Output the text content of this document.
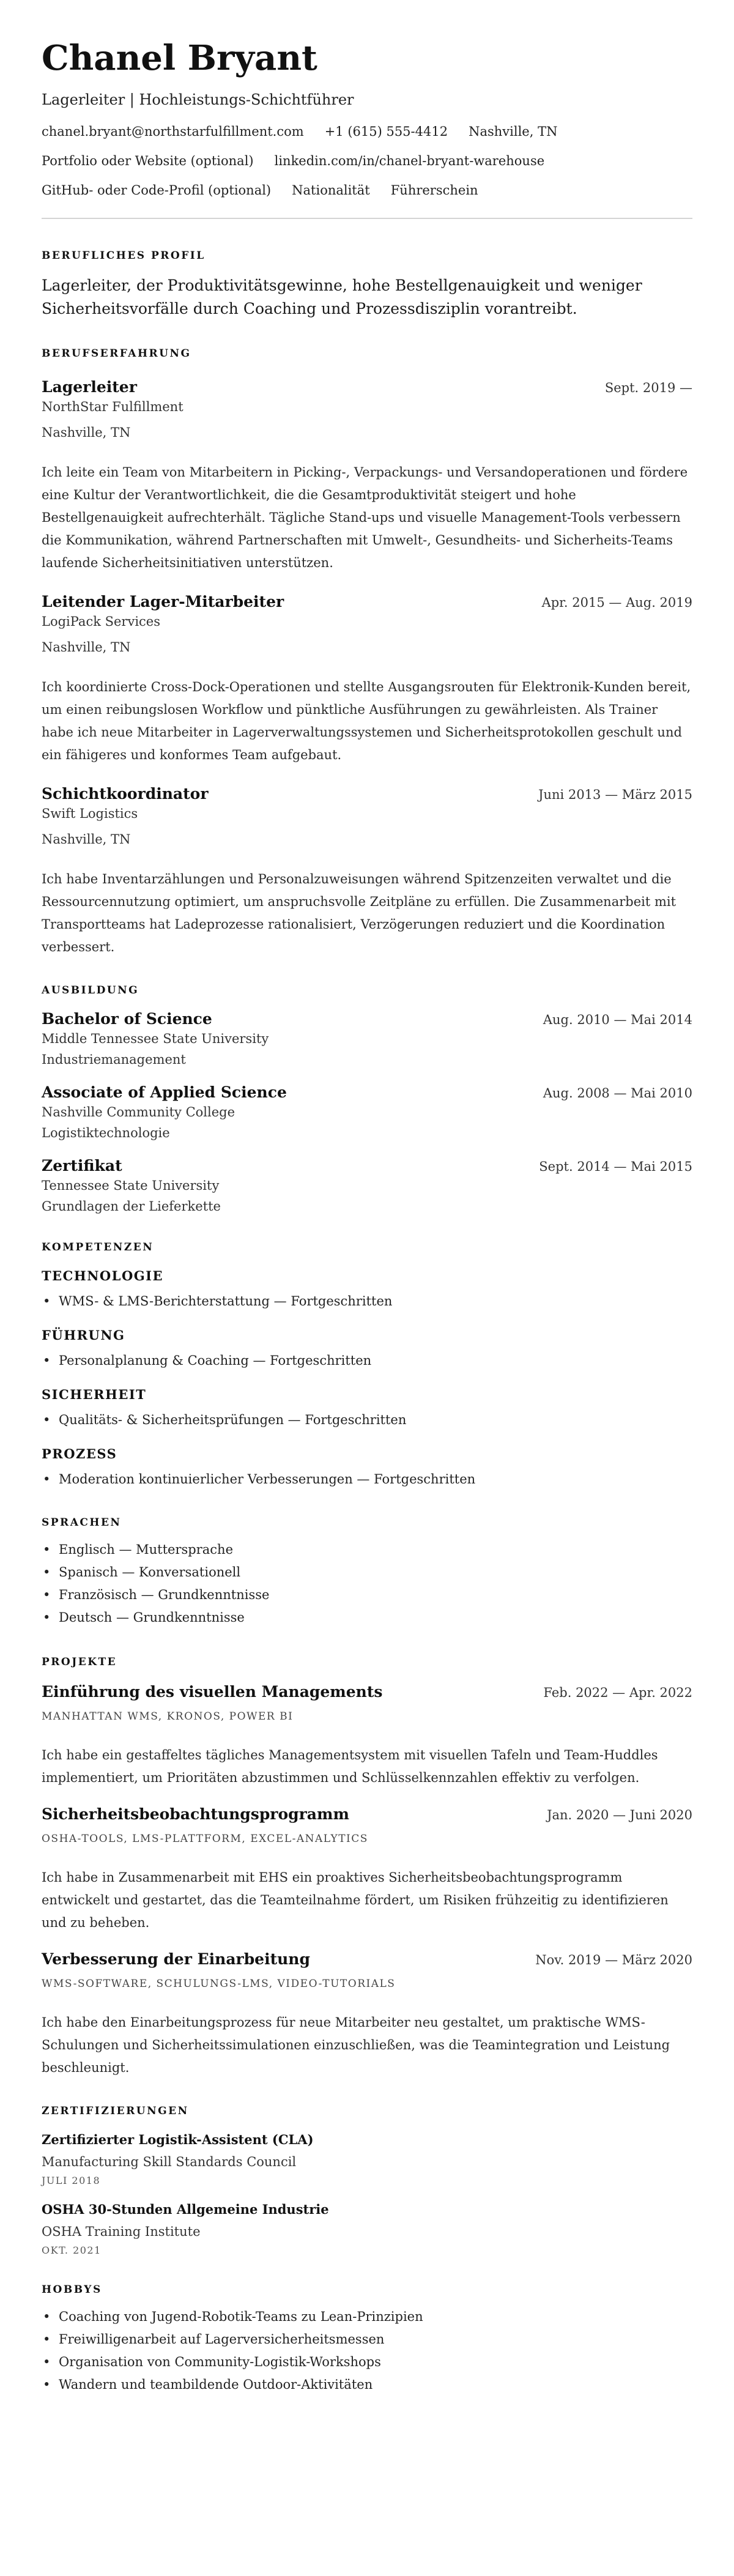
Chanel Bryant
Lagerleiter | Hochleistungs-Schichtführer
chanel.bryant@northstarfulfillment.com +1 (615) 555-4412 Nashville, TN
Portfolio oder Website (optional) linkedin.com/in/chanel-bryant-warehouse
GitHub- oder Code-Profil (optional) Nationalität Führerschein
BERUFLICHES PROFIL

Lagerleiter, der Produktivitätsgewinne, hohe Bestellgenauigkeit und weniger Sicherheitsvorfälle durch Coaching und Prozessdisziplin vorantreibt.

BERUFSERFAHRUNG
Lagerleiter	Sept. 2019 —
NorthStar Fulfillment
Nashville, TN

Ich leite ein Team von Mitarbeitern in Picking-, Verpackungs- und Versandoperationen und fördere eine Kultur der Verantwortlichkeit, die die Gesamtproduktivität steigert und hohe Bestellgenauigkeit aufrechterhält. Tägliche Stand-ups und visuelle Management-Tools verbessern die Kommunikation, während Partnerschaften mit Umwelt-, Gesundheits- und Sicherheits-Teams laufende Sicherheitsinitiativen unterstützen.

Leitender Lager-Mitarbeiter	Apr. 2015 — Aug. 2019
LogiPack Services
Nashville, TN

Ich koordinierte Cross-Dock-Operationen und stellte Ausgangsrouten für Elektronik-Kunden bereit, um einen reibungslosen Workflow und pünktliche Ausführungen zu gewährleisten. Als Trainer habe ich neue Mitarbeiter in Lagerverwaltungssystemen und Sicherheitsprotokollen geschult und ein fähigeres und konformes Team aufgebaut.

Schichtkoordinator	Juni 2013 — März 2015
Swift Logistics
Nashville, TN

Ich habe Inventarzählungen und Personalzuweisungen während Spitzenzeiten verwaltet und die Ressourcennutzung optimiert, um anspruchsvolle Zeitpläne zu erfüllen. Die Zusammenarbeit mit Transportteams hat Ladeprozesse rationalisiert, Verzögerungen reduziert und die Koordination verbessert.

AUSBILDUNG
Bachelor of Science	Aug. 2010 — Mai 2014
Middle Tennessee State University
Industriemanagement
Associate of Applied Science	Aug. 2008 — Mai 2010
Nashville Community College
Logistiktechnologie
Zertifikat	Sept. 2014 — Mai 2015
Tennessee State University
Grundlagen der Lieferkette
KOMPETENZEN
TECHNOLOGIE
• WMS- & LMS-Berichterstattung — Fortgeschritten
FÜHRUNG
• Personalplanung & Coaching — Fortgeschritten
SICHERHEIT
• Qualitäts- & Sicherheitsprüfungen — Fortgeschritten
PROZESS
• Moderation kontinuierlicher Verbesserungen — Fortgeschritten
SPRACHEN
• Englisch — Muttersprache
• Spanisch — Konversationell
• Französisch — Grundkenntnisse
• Deutsch — Grundkenntnisse
PROJEKTE
Einführung des visuellen Managements	Feb. 2022 — Apr. 2022
MANHATTAN WMS, KRONOS, POWER BI

Ich habe ein gestaffeltes tägliches Managementsystem mit visuellen Tafeln und Team-Huddles implementiert, um Prioritäten abzustimmen und Schlüsselkennzahlen effektiv zu verfolgen.

Sicherheitsbeobachtungsprogramm	Jan. 2020 — Juni 2020
OSHA-TOOLS, LMS-PLATTFORM, EXCEL-ANALYTICS

Ich habe in Zusammenarbeit mit EHS ein proaktives Sicherheitsbeobachtungsprogramm entwickelt und gestartet, das die Teamteilnahme fördert, um Risiken frühzeitig zu identifizieren und zu beheben.

Verbesserung der Einarbeitung	Nov. 2019 — März 2020
WMS-SOFTWARE, SCHULUNGS-LMS, VIDEO-TUTORIALS

Ich habe den Einarbeitungsprozess für neue Mitarbeiter neu gestaltet, um praktische WMS-Schulungen und Sicherheitssimulationen einzuschließen, was die Teamintegration und Leistung beschleunigt.

ZERTIFIZIERUNGEN
Zertifizierter Logistik-Assistent (CLA)
Manufacturing Skill Standards Council
JULI 2018
OSHA 30-Stunden Allgemeine Industrie
OSHA Training Institute
OKT. 2021
HOBBYS
• Coaching von Jugend-Robotik-Teams zu Lean-Prinzipien
• Freiwilligenarbeit auf Lagerversicherheitsmessen
• Organisation von Community-Logistik-Workshops
• Wandern und teambildende Outdoor-Aktivitäten
